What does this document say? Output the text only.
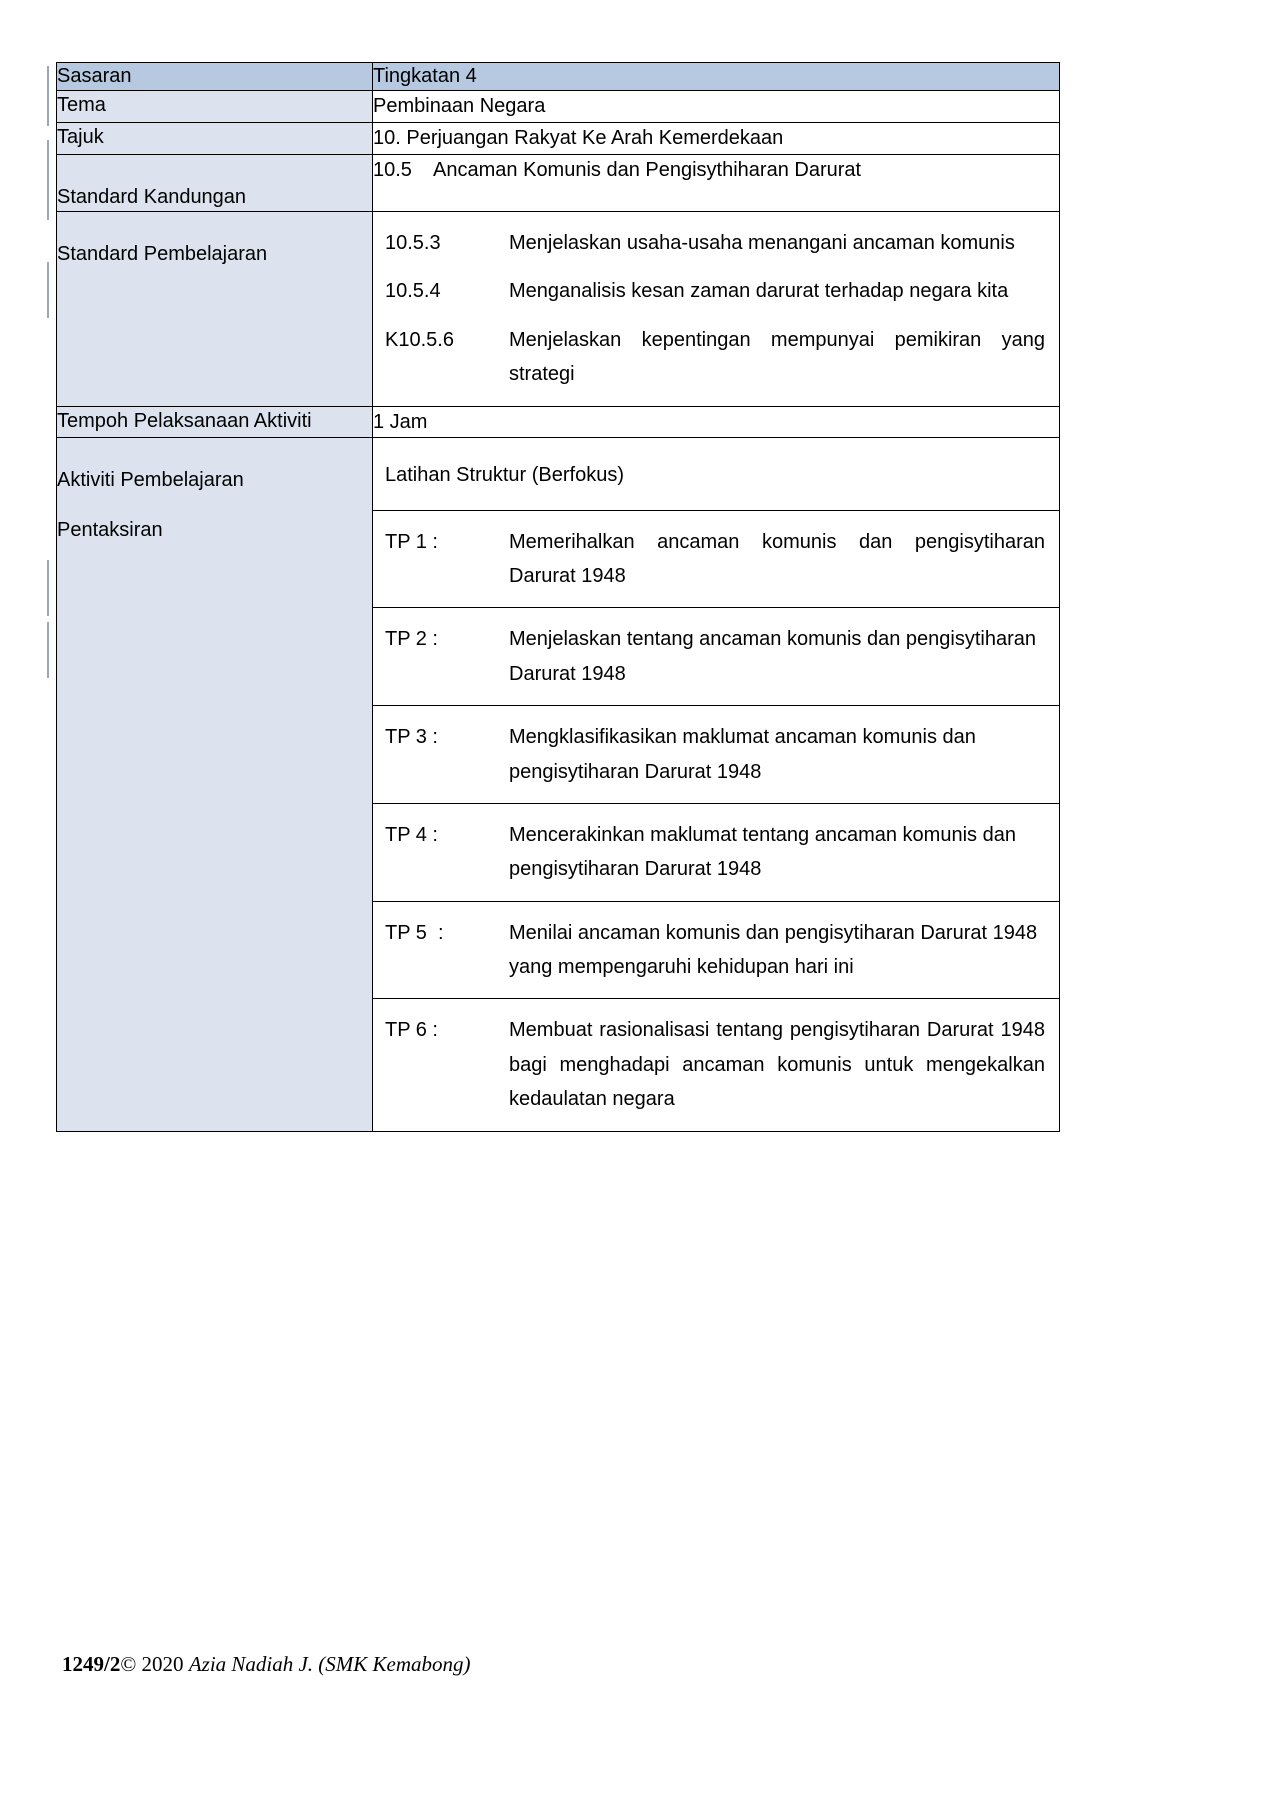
Sasaran	Tingkatan 4
Tema	Pembinaan Negara
Tajuk	10. Perjuangan Rakyat Ke Arah Kemerdekaan
Standard Kandungan	10.5    Ancaman Komunis dan Pengisythiharan Darurat
Standard Pembelajaran		10.5.3	Menjelaskan usaha-usaha menangani ancaman komunis
10.5.4	Menganalisis kesan zaman darurat terhadap negara kita
K10.5.6	Menjelaskan kepentingan mempunyai pemikiran yang strategi

Tempoh Pelaksanaan Aktiviti	1 Jam

Aktiviti Pembelajaran
Pentaksiran

Latihan Struktur (Berfokus)
TP 1 :	Memerihalkan ancaman komunis dan pengisytiharan Darurat 1948
TP 2 :	Menjelaskan tentang ancaman komunis dan pengisytiharan Darurat 1948
TP 3 :	Mengklasifikasikan maklumat ancaman komunis dan pengisytiharan Darurat 1948
TP 4 :	Mencerakinkan maklumat tentang ancaman komunis dan pengisytiharan Darurat 1948
TP 5  :	Menilai ancaman komunis dan pengisytiharan Darurat 1948 yang mempengaruhi kehidupan hari ini
TP 6 :	Membuat rasionalisasi tentang pengisytiharan Darurat 1948 bagi menghadapi ancaman komunis untuk mengekalkan kedaulatan negara
1249/2© 2020 Azia Nadiah J. (SMK Kemabong)
